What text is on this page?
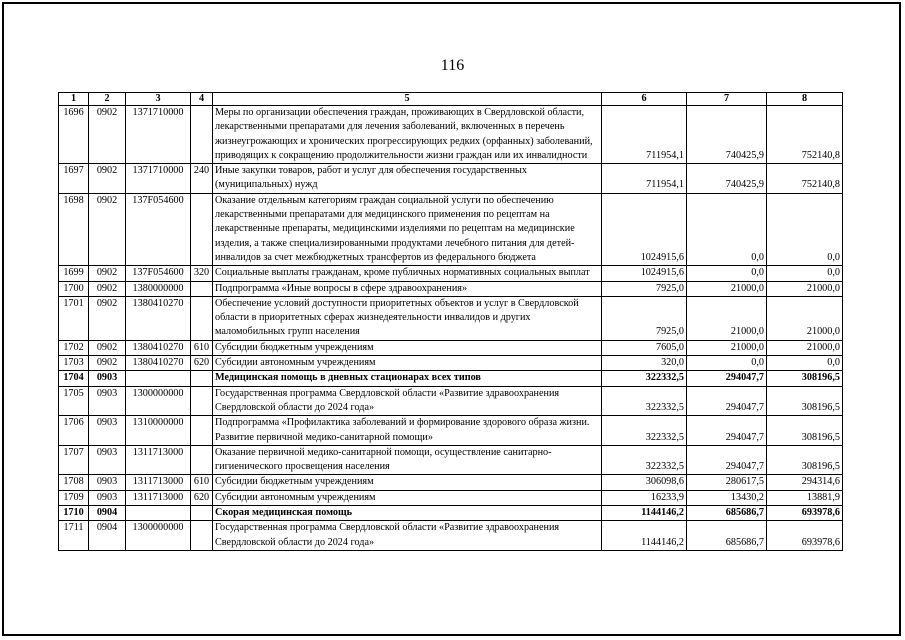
116
1	2	3	4	5	6	7	8
1696	0902	1371710000		Меры по организации обеспечения граждан, проживающих в Свердловской области, лекарственными препаратами для лечения заболеваний, включенных в перечень жизнеугрожающих и хронических прогрессирующих редких (орфанных) заболеваний, приводящих к сокращению продолжительности жизни граждан или их инвалидности	711954,1	740425,9	752140,8
1697	0902	1371710000	240	Иные закупки товаров, работ и услуг для обеспечения государственных (муниципальных) нужд	711954,1	740425,9	752140,8
1698	0902	137F054600		Оказание отдельным категориям граждан социальной услуги по обеспечению лекарственными препаратами для медицинского применения по рецептам на лекарственные препараты, медицинскими изделиями по рецептам на медицинские изделия, а также специализированными продуктами лечебного питания для детей-инвалидов за счет межбюджетных трансфертов из федерального бюджета	1024915,6	0,0	0,0
1699	0902	137F054600	320	Социальные выплаты гражданам, кроме публичных нормативных социальных выплат	1024915,6	0,0	0,0
1700	0902	1380000000		Подпрограмма «Иные вопросы в сфере здравоохранения»	7925,0	21000,0	21000,0
1701	0902	1380410270		Обеспечение условий доступности приоритетных объектов и услуг в Свердловской области в приоритетных сферах жизнедеятельности инвалидов и других маломобильных групп населения	7925,0	21000,0	21000,0
1702	0902	1380410270	610	Субсидии бюджетным учреждениям	7605,0	21000,0	21000,0
1703	0902	1380410270	620	Субсидии автономным учреждениям	320,0	0,0	0,0
1704	0903			Медицинская помощь в дневных стационарах всех типов	322332,5	294047,7	308196,5
1705	0903	1300000000		Государственная программа Свердловской области «Развитие здравоохранения Свердловской области до 2024 года»	322332,5	294047,7	308196,5
1706	0903	1310000000		Подпрограмма «Профилактика заболеваний и формирование здорового образа жизни. Развитие первичной медико-санитарной помощи»	322332,5	294047,7	308196,5
1707	0903	1311713000		Оказание первичной медико-санитарной помощи, осуществление санитарно-гигиенического просвещения населения	322332,5	294047,7	308196,5
1708	0903	1311713000	610	Субсидии бюджетным учреждениям	306098,6	280617,5	294314,6
1709	0903	1311713000	620	Субсидии автономным учреждениям	16233,9	13430,2	13881,9
1710	0904			Скорая медицинская помощь	1144146,2	685686,7	693978,6
1711	0904	1300000000		Государственная программа Свердловской области «Развитие здравоохранения Свердловской области до 2024 года»	1144146,2	685686,7	693978,6
